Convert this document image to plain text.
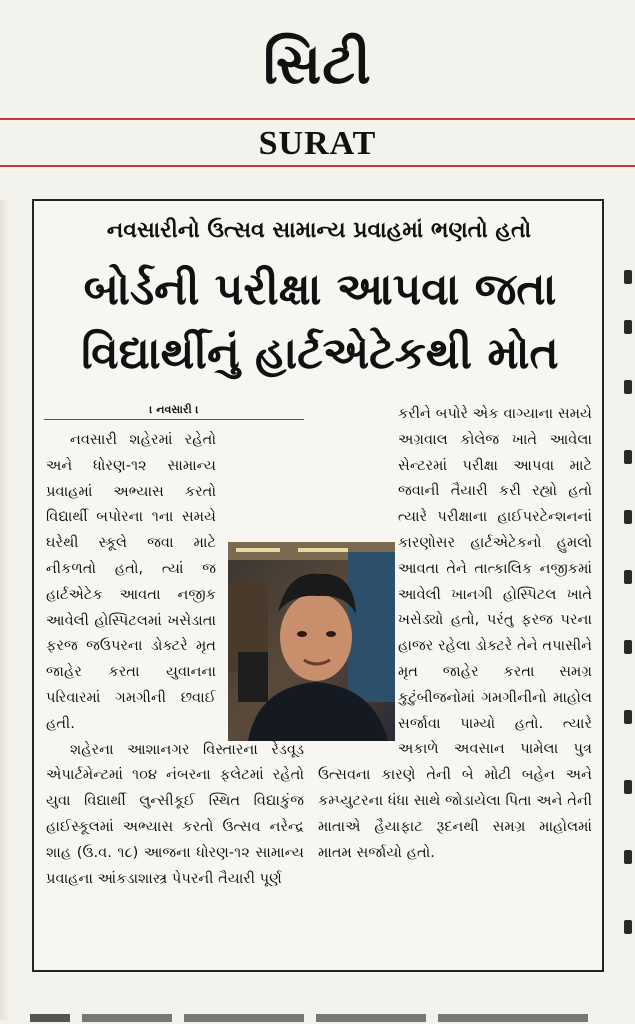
સિટી
SURAT
નવસારીનો ઉત્સવ સામાન્ય પ્રવાહમાં ભણતો હતો
બોર્ડની પરીક્ષા આપવા જતા
વિદ્યાર્થીનું હાર્ટએટેકથી મોત
। નવસારી ।

નવસારી શહેરમાં રહેતો અને ધોરણ-૧૨ સામાન્ય પ્રવાહમાં અભ્યાસ કરતો વિદ્યાર્થી બપોરના ૧ના સમયે ઘરેથી સ્કૂલે જવા માટે નીકળતો હતો, ત્યાં જ હાર્ટએટેક આવતા નજીક આવેલી હોસ્પિટલમાં ખસેડાતા ફરજ જઉપરના ડોક્ટરે મૃત જાહેર કરતા યુવાનના પરિવારમાં ગમગીની છવાઈ હતી.

શહેરના આશાનગર વિસ્તારના રેડવૂડ એપાર્ટમેન્ટમાં ૧૦૪ નંબરના ફલેટમાં રહેતો યુવા વિદ્યાર્થી લુન્સીકૂઈ સ્થિત વિદ્યાકુંજ હાઈસ્કૂલમાં અભ્યાસ કરતો ઉત્સવ નરેન્દ્ર શાહ (ઉ.વ. ૧૮) આજના ધોરણ-૧૨ સામાન્ય પ્રવાહના આંકડાશાસ્ત્ર પેપરની તૈયારી પૂર્ણ

કરીને બપોરે એક વાગ્યાના સમયે અગ્રવાલ કોલેજ ખાતે આવેલા સેન્ટરમાં પરીક્ષા આપવા માટે જવાની તૈયારી કરી રહ્યો હતો ત્યારે પરીક્ષાના હાઈપરટેન્શનનાં કારણોસર હાર્ટએટેકનો હુમલો આવતા તેને તાત્કાલિક નજીકમાં આવેલી ખાનગી હોસ્પિટલ ખાતે ખસેડ્યો હતો, પરંતુ ફરજ પરના હાજર રહેલા ડોક્ટરે તેને તપાસીને મૃત જાહેર કરતા સમગ્ર કુટુંબીજનોમાં ગમગીનીનો માહોલ સર્જાવા પામ્યો હતો. ત્યારે અકાળે અવસાન પામેલા પુત્ર ઉત્સવના કારણે તેની બે મોટી બહેન અને કમ્પ્યુટરના ધંધા સાથે જોડાયેલા પિતા અને તેની માતાએ હૈયાફાટ રૂદનથી સમગ્ર માહોલમાં માતમ સર્જાયો હતો.
